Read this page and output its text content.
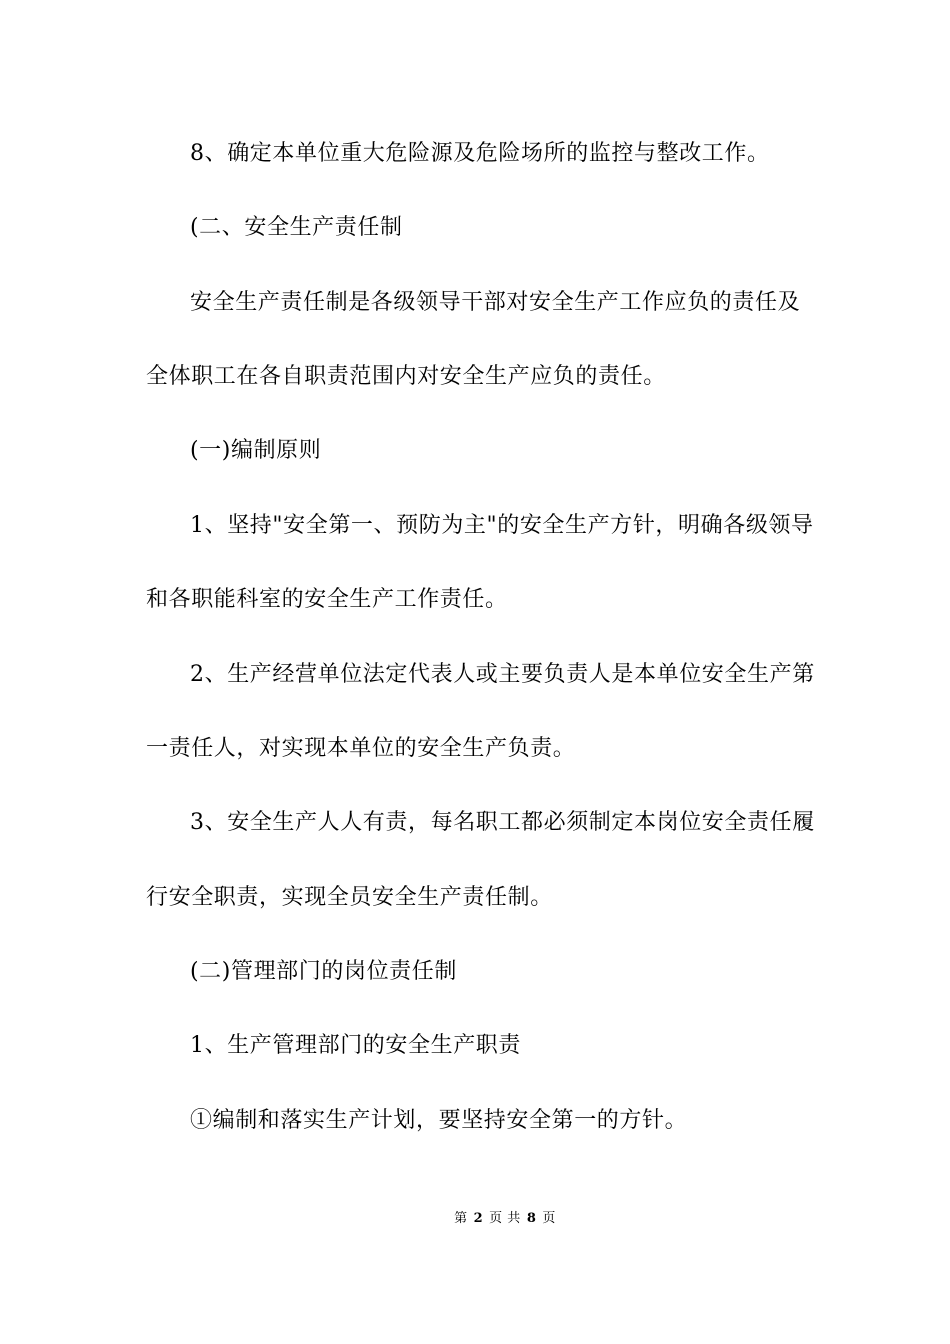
8、确定本单位重大危险源及危险场所的监控与整改工作。
(二、安全生产责任制
安全生产责任制是各级领导干部对安全生产工作应负的责任及
全体职工在各自职责范围内对安全生产应负的责任。
(一)编制原则
1、坚持"安全第一、预防为主"的安全生产方针，明确各级领导
和各职能科室的安全生产工作责任。
2、生产经营单位法定代表人或主要负责人是本单位安全生产第
一责任人，对实现本单位的安全生产负责。
3、安全生产人人有责，每名职工都必须制定本岗位安全责任履
行安全职责，实现全员安全生产责任制。
(二)管理部门的岗位责任制
1、生产管理部门的安全生产职责
①编制和落实生产计划，要坚持安全第一的方针。
第 2 页 共 8 页
